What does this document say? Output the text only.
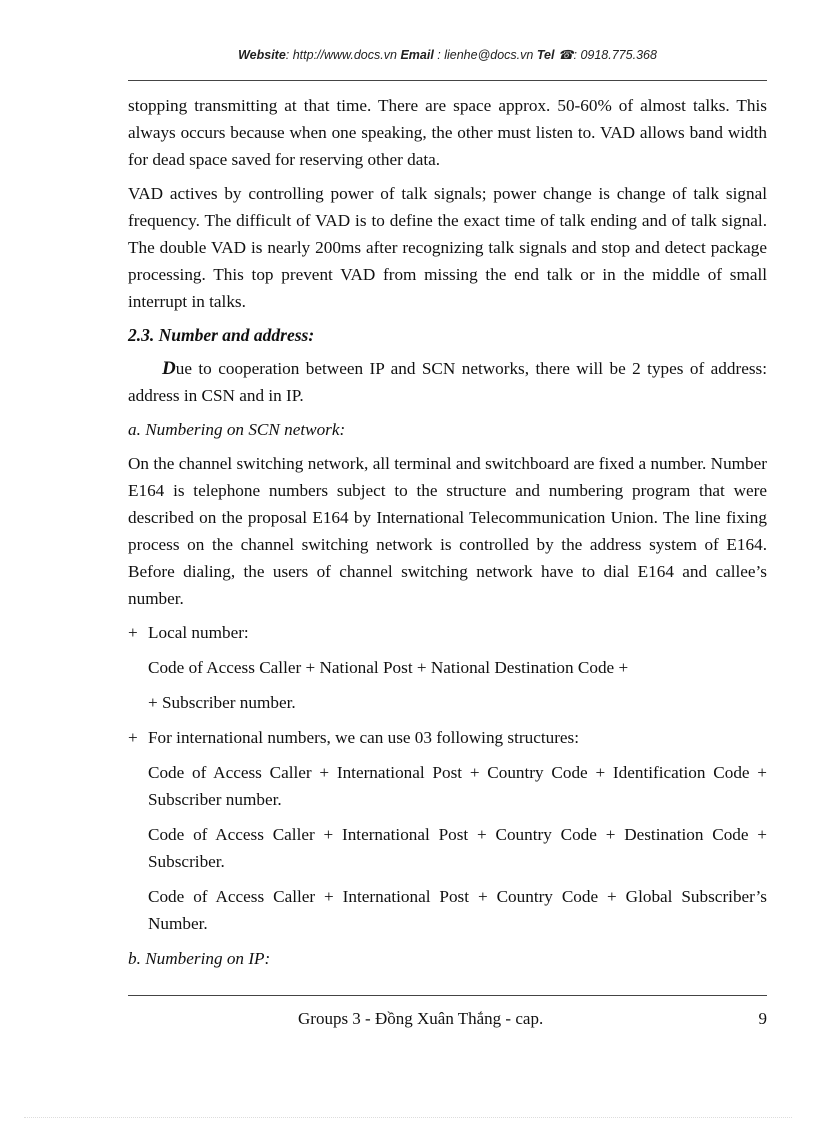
Website: http://www.docs.vn Email : lienhe@docs.vn Tel ☎: 0918.775.368

stopping transmitting at that time. There are space approx. 50-60% of almost talks. This always occurs because when one speaking, the other must listen to. VAD allows band width for dead space saved for reserving other data.

VAD actives by controlling power of talk signals; power change is change of talk signal frequency. The difficult of VAD is to define the exact time of talk ending and of talk signal. The double VAD is nearly 200ms after recognizing talk signals and stop and detect package processing. This top prevent VAD from missing the end talk or in the middle of small interrupt in talks.

2.3. Number and address:

Due to cooperation between IP and SCN networks, there will be 2 types of address: address in CSN and in IP.

a. Numbering on SCN network:

On the channel switching network, all terminal and switchboard are fixed a number. Number E164 is telephone numbers subject to the structure and numbering program that were described on the proposal E164 by International Telecommunication Union. The line fixing process on the channel switching network is controlled by the address system of E164. Before dialing, the users of channel switching network have to dial E164 and callee’s number.

+ Local number:
Code of Access Caller + National Post + National Destination Code +
+ Subscriber number.
+ For international numbers, we can use 03 following structures:
Code of Access Caller + International Post + Country Code + Identification Code + Subscriber number.
Code of Access Caller + International Post + Country Code + Destination Code + Subscriber.
Code of Access Caller + International Post + Country Code + Global Subscriber’s Number.
b. Numbering on IP:
Groups 3 - Đồng Xuân Thắng - cap.	9
